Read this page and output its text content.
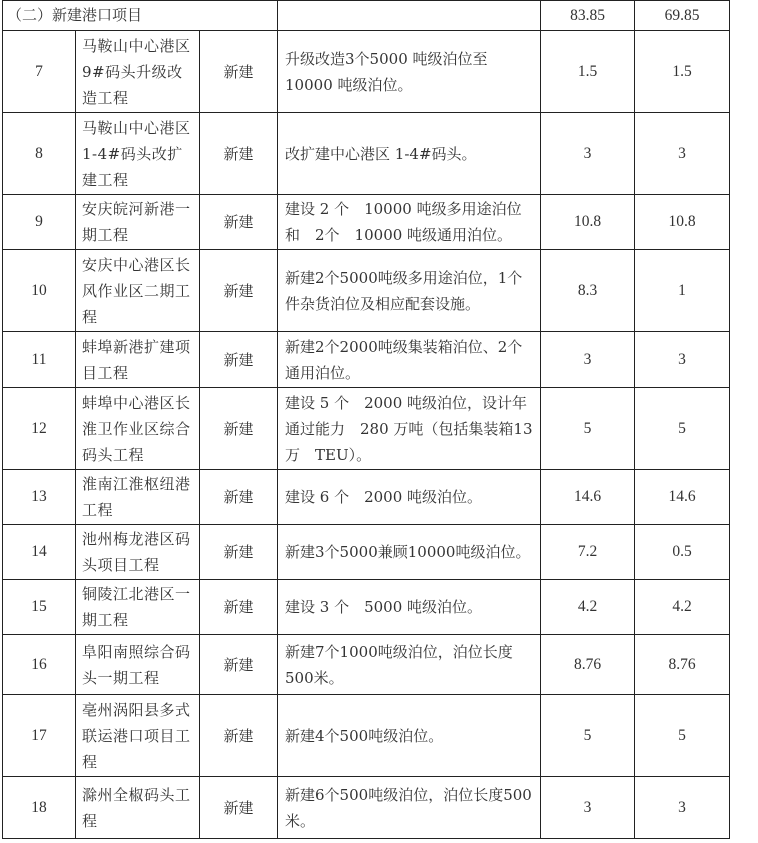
（二）新建港口项目				83.85	69.85
7	马鞍山中心港区9#码头升级改造工程	新建	升级改造3个5000 吨级泊位至10000 吨级泊位。	1.5	1.5
8	马鞍山中心港区 1-4#码头改扩建工程	新建	改扩建中心港区 1-4#码头。	3	3
9	安庆皖河新港一期工程	新建	建设 2 个　10000 吨级多用途泊位和　2个　10000 吨级通用泊位。	10.8	10.8
10	安庆中心港区长风作业区二期工程	新建	新建2个5000吨级多用途泊位，1个件杂货泊位及相应配套设施。	8.3	1
11	蚌埠新港扩建项目工程	新建	新建2个2000吨级集装箱泊位、2个通用泊位。	3	3
12	蚌埠中心港区长淮卫作业区综合码头工程	新建	建设 5 个　2000 吨级泊位，设计年通过能力　280 万吨（包括集装箱13万　TEU）。	5	5
13	淮南江淮枢纽港工程	新建	建设 6 个　2000 吨级泊位。	14.6	14.6
14	池州梅龙港区码头项目工程	新建	新建3个5000兼顾10000吨级泊位。	7.2	0.5
15	铜陵江北港区一期工程	新建	建设 3 个　5000 吨级泊位。	4.2	4.2
16	阜阳南照综合码头一期工程	新建	新建7个1000吨级泊位，泊位长度500米。	8.76	8.76
17	亳州涡阳县多式联运港口项目工程	新建	新建4个500吨级泊位。	5	5
18	滁州全椒码头工程	新建	新建6个500吨级泊位，泊位长度500米。	3	3
